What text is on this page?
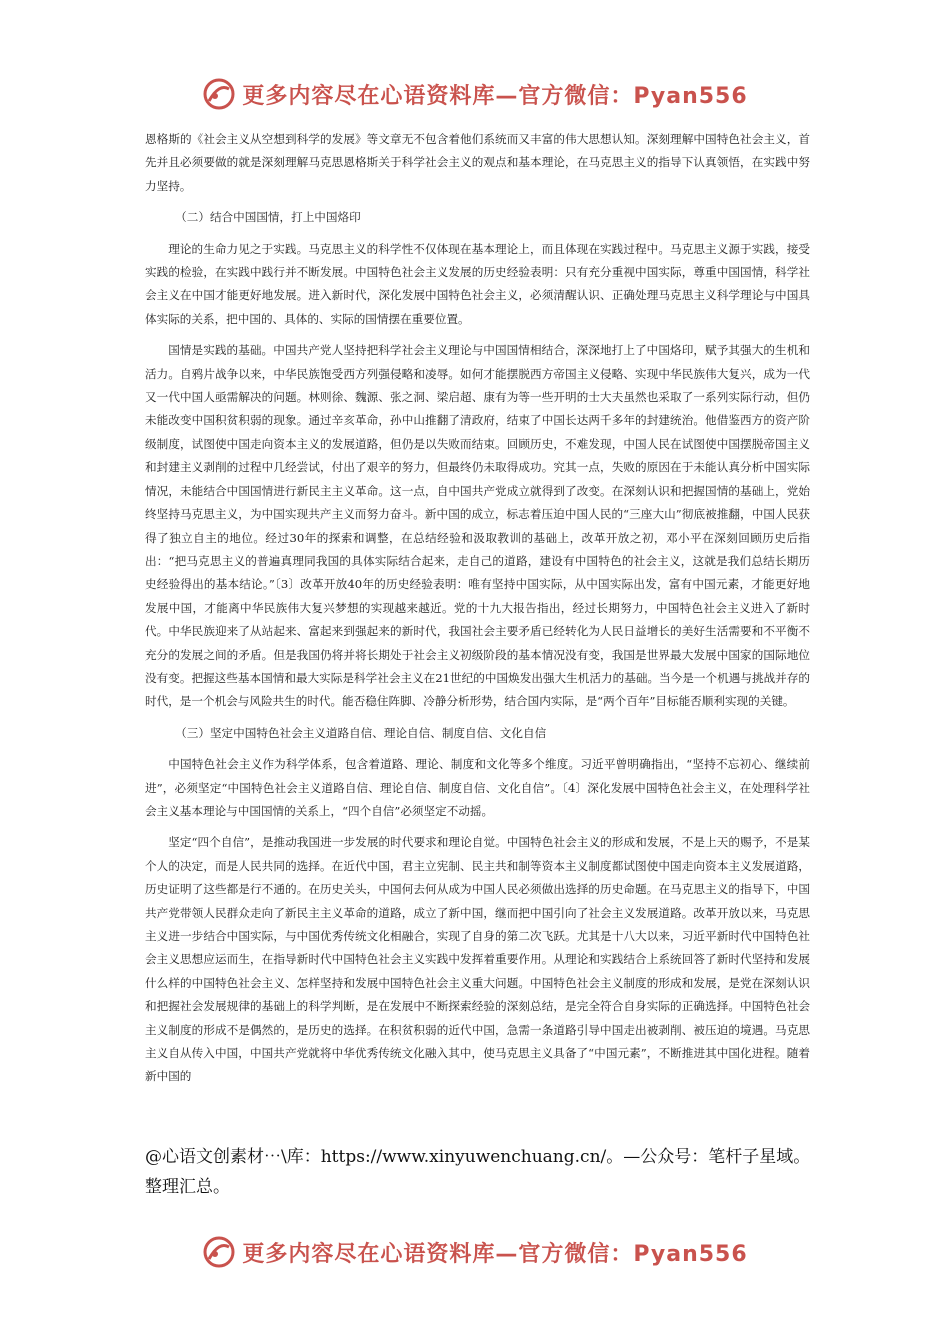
更多内容尽在心语资料库—官方微信：Pyan556

恩格斯的《社会主义从空想到科学的发展》等文章无不包含着他们系统而又丰富的伟大思想认知。深刻理解中国特色社会主义，首先并且必须要做的就是深刻理解马克思恩格斯关于科学社会主义的观点和基本理论，在马克思主义的指导下认真领悟，在实践中努力坚持。

（二）结合中国国情，打上中国烙印

理论的生命力见之于实践。马克思主义的科学性不仅体现在基本理论上，而且体现在实践过程中。马克思主义源于实践，接受实践的检验，在实践中践行并不断发展。中国特色社会主义发展的历史经验表明：只有充分重视中国实际，尊重中国国情，科学社会主义在中国才能更好地发展。进入新时代，深化发展中国特色社会主义，必须清醒认识、正确处理马克思主义科学理论与中国具体实际的关系，把中国的、具体的、实际的国情摆在重要位置。

国情是实践的基础。中国共产党人坚持把科学社会主义理论与中国国情相结合，深深地打上了中国烙印，赋予其强大的生机和活力。自鸦片战争以来，中华民族饱受西方列强侵略和凌辱。如何才能摆脱西方帝国主义侵略、实现中华民族伟大复兴，成为一代又一代中国人亟需解决的问题。林则徐、魏源、张之洞、梁启超、康有为等一些开明的士大夫虽然也采取了一系列实际行动，但仍未能改变中国积贫积弱的现象。通过辛亥革命，孙中山推翻了清政府，结束了中国长达两千多年的封建统治。他借鉴西方的资产阶级制度，试图使中国走向资本主义的发展道路，但仍是以失败而结束。回顾历史，不难发现，中国人民在试图使中国摆脱帝国主义和封建主义剥削的过程中几经尝试，付出了艰辛的努力，但最终仍未取得成功。究其一点，失败的原因在于未能认真分析中国实际情况，未能结合中国国情进行新民主主义革命。这一点，自中国共产党成立就得到了改变。在深刻认识和把握国情的基础上，党始终坚持马克思主义，为中国实现共产主义而努力奋斗。新中国的成立，标志着压迫中国人民的“三座大山”彻底被推翻，中国人民获得了独立自主的地位。经过30年的探索和调整，在总结经验和汲取教训的基础上，改革开放之初，邓小平在深刻回顾历史后指出：“把马克思主义的普遍真理同我国的具体实际结合起来，走自己的道路，建设有中国特色的社会主义，这就是我们总结长期历史经验得出的基本结论。”〔3〕改革开放40年的历史经验表明：唯有坚持中国实际，从中国实际出发，富有中国元素，才能更好地发展中国，才能离中华民族伟大复兴梦想的实现越来越近。党的十九大报告指出，经过长期努力，中国特色社会主义进入了新时代。中华民族迎来了从站起来、富起来到强起来的新时代，我国社会主要矛盾已经转化为人民日益增长的美好生活需要和不平衡不充分的发展之间的矛盾。但是我国仍将并将长期处于社会主义初级阶段的基本情况没有变，我国是世界最大发展中国家的国际地位没有变。把握这些基本国情和最大实际是科学社会主义在21世纪的中国焕发出强大生机活力的基础。当今是一个机遇与挑战并存的时代，是一个机会与风险共生的时代。能否稳住阵脚、冷静分析形势，结合国内实际，是“两个百年”目标能否顺利实现的关键。

（三）坚定中国特色社会主义道路自信、理论自信、制度自信、文化自信

中国特色社会主义作为科学体系，包含着道路、理论、制度和文化等多个维度。习近平曾明确指出，“坚持不忘初心、继续前进”，必须坚定“中国特色社会主义道路自信、理论自信、制度自信、文化自信”。〔4〕深化发展中国特色社会主义，在处理科学社会主义基本理论与中国国情的关系上，“四个自信”必须坚定不动摇。

坚定“四个自信”，是推动我国进一步发展的时代要求和理论自觉。中国特色社会主义的形成和发展，不是上天的赐予，不是某个人的决定，而是人民共同的选择。在近代中国，君主立宪制、民主共和制等资本主义制度都试图使中国走向资本主义发展道路，历史证明了这些都是行不通的。在历史关头，中国何去何从成为中国人民必须做出选择的历史命题。在马克思主义的指导下，中国共产党带领人民群众走向了新民主主义革命的道路，成立了新中国，继而把中国引向了社会主义发展道路。改革开放以来，马克思主义进一步结合中国实际，与中国优秀传统文化相融合，实现了自身的第二次飞跃。尤其是十八大以来，习近平新时代中国特色社会主义思想应运而生，在指导新时代中国特色社会主义实践中发挥着重要作用。从理论和实践结合上系统回答了新时代坚持和发展什么样的中国特色社会主义、怎样坚持和发展中国特色社会主义重大问题。中国特色社会主义制度的形成和发展，是党在深刻认识和把握社会发展规律的基础上的科学判断，是在发展中不断探索经验的深刻总结，是完全符合自身实际的正确选择。中国特色社会主义制度的形成不是偶然的，是历史的选择。在积贫积弱的近代中国，急需一条道路引导中国走出被剥削、被压迫的境遇。马克思主义自从传入中国，中国共产党就将中华优秀传统文化融入其中，使马克思主义具备了“中国元素”，不断推进其中国化进程。随着新中国的

@心语文创素材⋯\库：https://www.xinyuwenchuang.cn/。—公众号：笔杆子星域。整理汇总。
更多内容尽在心语资料库—官方微信：Pyan556
